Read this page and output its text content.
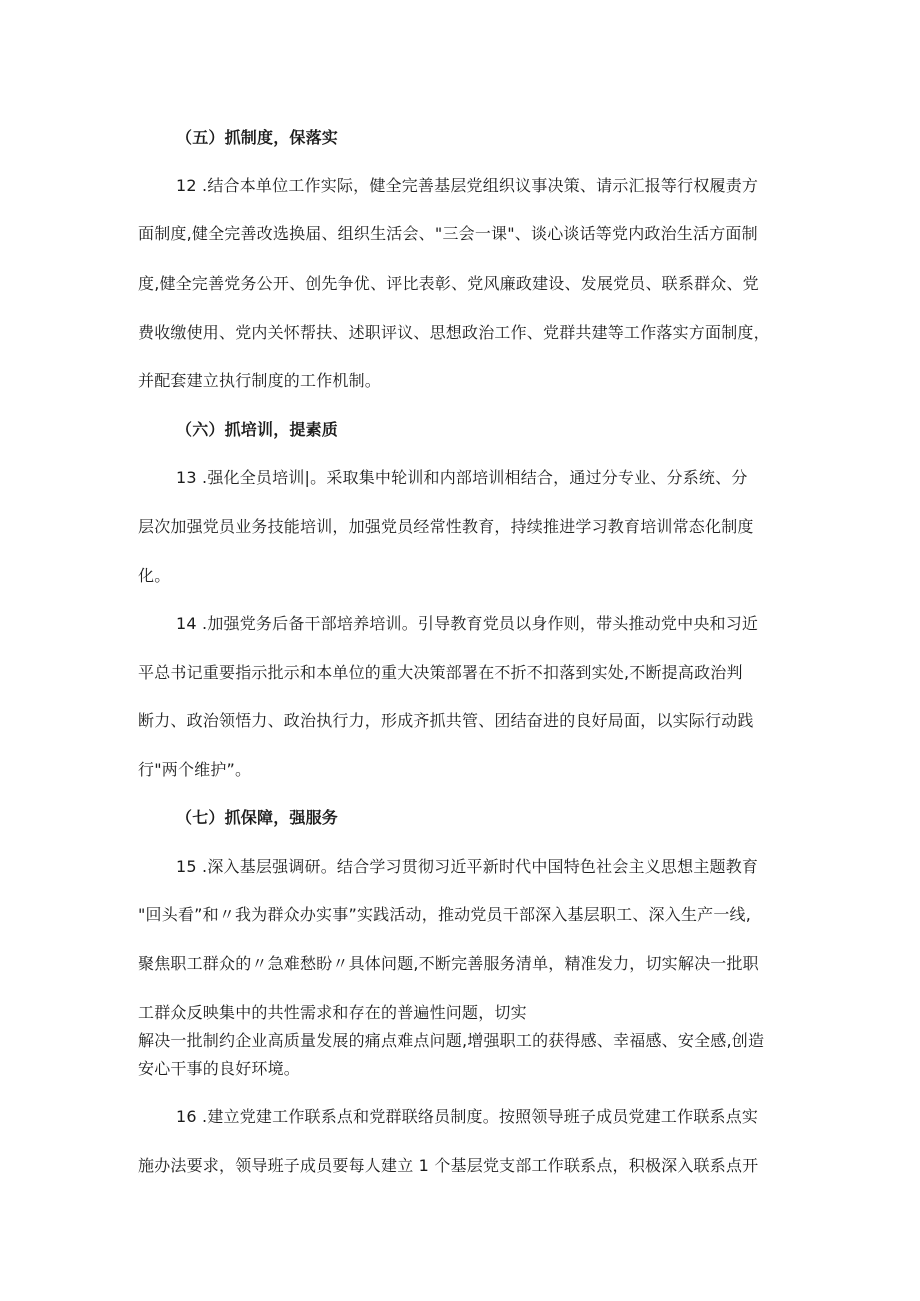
（五）抓制度，保落实
12 .结合本单位工作实际，健全完善基层党组织议事决策、请示汇报等行权履责方
面制度,健全完善改选换届、组织生活会、"三会一课"、谈心谈话等党内政治生活方面制
度,健全完善党务公开、创先争优、评比表彰、党风廉政建设、发展党员、联系群众、党
费收缴使用、党内关怀帮扶、述职评议、思想政治工作、党群共建等工作落实方面制度，
并配套建立执行制度的工作机制。
（六）抓培训，提素质
13 .强化全员培训|。采取集中轮训和内部培训相结合，通过分专业、分系统、分
层次加强党员业务技能培训，加强党员经常性教育，持续推进学习教育培训常态化制度
化。
14 .加强党务后备干部培养培训。引导教育党员以身作则，带头推动党中央和习近
平总书记重要指示批示和本单位的重大决策部署在不折不扣落到实处,不断提高政治判
断力、政治领悟力、政治执行力，形成齐抓共管、团结奋进的良好局面，以实际行动践
行"两个维护”。
（七）抓保障，强服务
15 .深入基层强调研。结合学习贯彻习近平新时代中国特色社会主义思想主题教育
"回头看”和〃我为群众办实事”实践活动，推动党员干部深入基层职工、深入生产一线,
聚焦职工群众的〃急难愁盼〃具体问题,不断完善服务清单，精准发力，切实解决一批职
工群众反映集中的共性需求和存在的普遍性问题，切实
解决一批制约企业高质量发展的痛点难点问题,增强职工的获得感、幸福感、安全感,创造
安心干事的良好环境。
16 .建立党建工作联系点和党群联络员制度。按照领导班子成员党建工作联系点实
施办法要求，领导班子成员要每人建立 1 个基层党支部工作联系点，积极深入联系点开
